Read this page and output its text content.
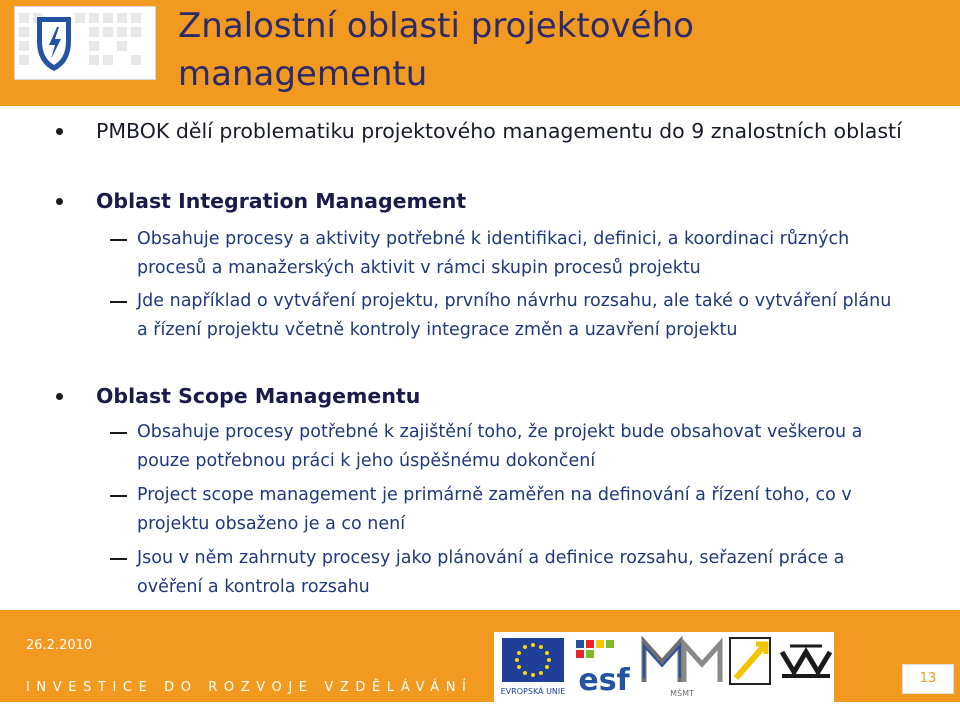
Znalostní oblasti projektového managementu
PMBOK dělí problematiku projektového managementu do 9 znalostních oblastí
Oblast Integration Management
Obsahuje procesy a aktivity potřebné k identifikaci, definici, a koordinaci různých procesů a manažerských aktivit v rámci skupin procesů projektu
Jde například o vytváření projektu, prvního návrhu rozsahu, ale také o vytváření plánu a řízení projektu včetně kontroly integrace změn a uzavření projektu
Oblast Scope Managementu
Obsahuje procesy potřebné k zajištění toho, že projekt bude obsahovat veškerou a pouze potřebnou práci k jeho úspěšnému dokončení
Project scope management je primárně zaměřen na definování a řízení toho, co v projektu obsaženo je a co není
Jsou v něm zahrnuty procesy jako plánování a definice rozsahu, seřazení práce a ověření a kontrola rozsahu
26.2.2010
INVESTICE DO ROZVOJE VZDĚLÁVÁNÍ	EVROPSKÁ UNIE esf	MŠMT
13
